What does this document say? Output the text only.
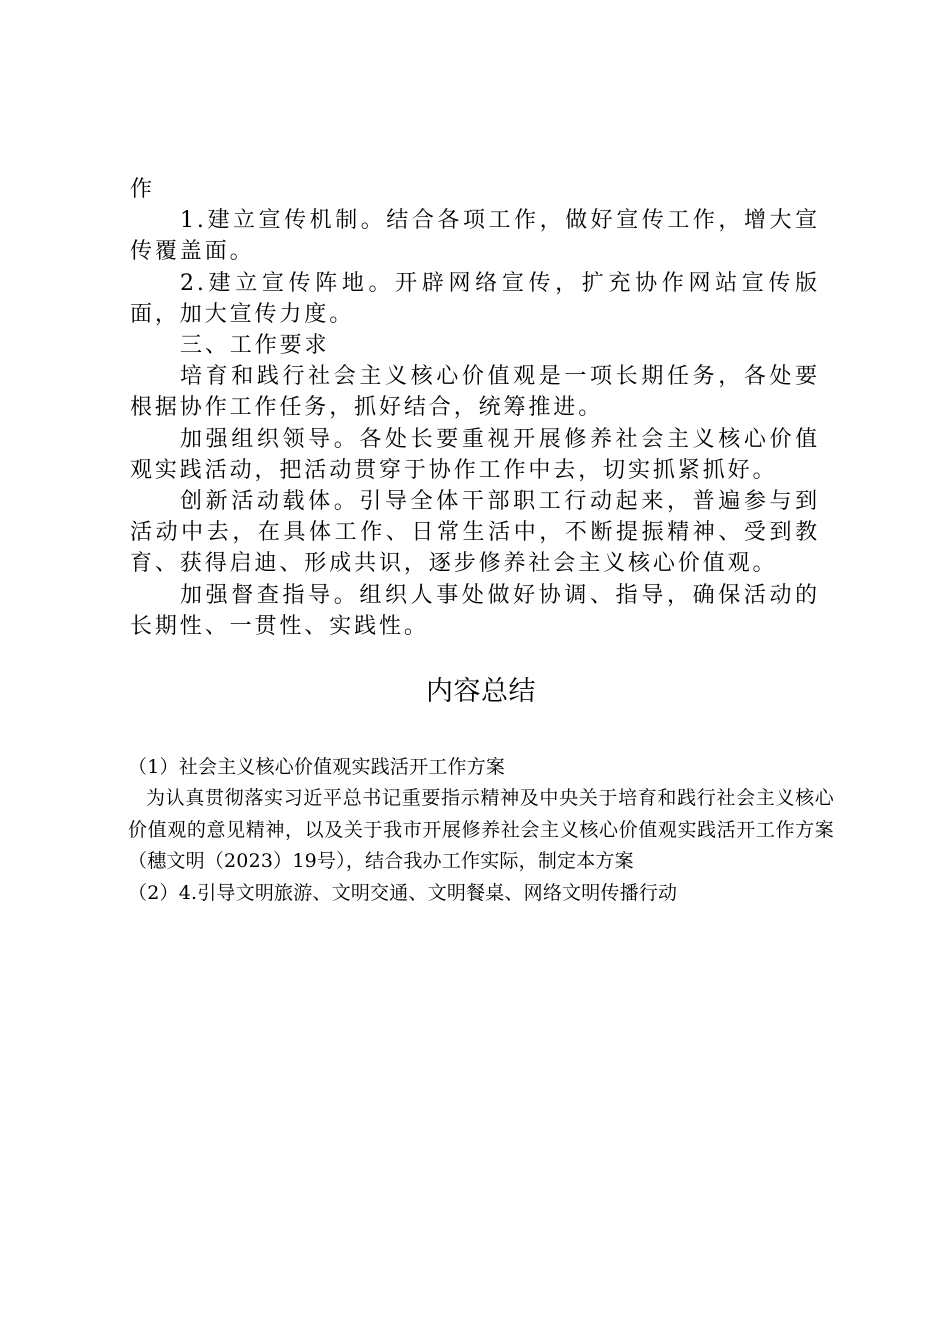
作

1.建立宣传机制。结合各项工作，做好宣传工作，增大宣传覆盖面。

2.建立宣传阵地。开辟网络宣传，扩充协作网站宣传版面，加大宣传力度。

三、工作要求

培育和践行社会主义核心价值观是一项长期任务，各处要根据协作工作任务，抓好结合，统筹推进。

加强组织领导。各处长要重视开展修养社会主义核心价值观实践活动，把活动贯穿于协作工作中去，切实抓紧抓好。

创新活动载体。引导全体干部职工行动起来，普遍参与到活动中去，在具体工作、日常生活中，不断提振精神、受到教育、获得启迪、形成共识，逐步修养社会主义核心价值观。

加强督查指导。组织人事处做好协调、指导，确保活动的长期性、一贯性、实践性。

内容总结

（1）社会主义核心价值观实践活开工作方案

为认真贯彻落实习近平总书记重要指示精神及中央关于培育和践行社会主义核心价值观的意见精神，以及关于我市开展修养社会主义核心价值观实践活开工作方案（穗文明（2023）19号），结合我办工作实际，制定本方案

（2）4.引导文明旅游、文明交通、文明餐桌、网络文明传播行动
